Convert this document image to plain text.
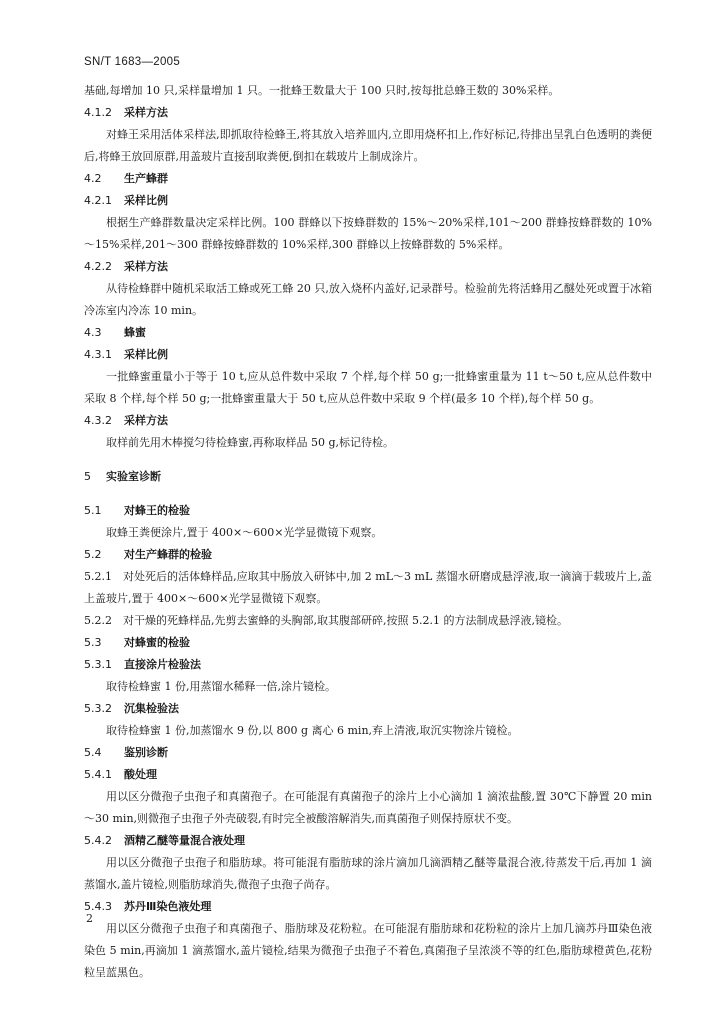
SN/T 1683—2005

基础,每增加 10 只,采样量增加 1 只。一批蜂王数量大于 100 只时,按每批总蜂王数的 30%采样。

4.1.2 采样方法

对蜂王采用活体采样法,即抓取待检蜂王,将其放入培养皿内,立即用烧杯扣上,作好标记,待排出呈乳白色透明的粪便后,将蜂王放回原群,用盖玻片直接刮取粪便,倒扣在载玻片上制成涂片。

4.2 生产蜂群
4.2.1 采样比例

根据生产蜂群数量决定采样比例。100 群蜂以下按蜂群数的 15%～20%采样,101～200 群蜂按蜂群数的 10%～15%采样,201～300 群蜂按蜂群数的 10%采样,300 群蜂以上按蜂群数的 5%采样。

4.2.2 采样方法

从待检蜂群中随机采取活工蜂或死工蜂 20 只,放入烧杯内盖好,记录群号。检验前先将活蜂用乙醚处死或置于冰箱冷冻室内冷冻 10 min。

4.3 蜂蜜
4.3.1 采样比例

一批蜂蜜重量小于等于 10 t,应从总件数中采取 7 个样,每个样 50 g;一批蜂蜜重量为 11 t～50 t,应从总件数中采取 8 个样,每个样 50 g;一批蜂蜜重量大于 50 t,应从总件数中采取 9 个样(最多 10 个样),每个样 50 g。

4.3.2 采样方法

取样前先用木棒搅匀待检蜂蜜,再称取样品 50 g,标记待检。

5 实验室诊断
5.1 对蜂王的检验

取蜂王粪便涂片,置于 400×～600×光学显微镜下观察。

5.2 对生产蜂群的检验

5.2.1　对处死后的活体蜂样品,应取其中肠放入研钵中,加 2 mL～3 mL 蒸馏水研磨成悬浮液,取一滴滴于载玻片上,盖上盖玻片,置于 400×～600×光学显微镜下观察。

5.2.2　对干燥的死蜂样品,先剪去蜜蜂的头胸部,取其腹部研碎,按照 5.2.1 的方法制成悬浮液,镜检。

5.3 对蜂蜜的检验
5.3.1 直接涂片检验法

取待检蜂蜜 1 份,用蒸馏水稀释一倍,涂片镜检。

5.3.2 沉集检验法

取待检蜂蜜 1 份,加蒸馏水 9 份,以 800 g 离心 6 min,弃上清液,取沉实物涂片镜检。

5.4 鉴别诊断
5.4.1 酸处理

用以区分微孢子虫孢子和真菌孢子。在可能混有真菌孢子的涂片上小心滴加 1 滴浓盐酸,置 30℃下静置 20 min～30 min,则微孢子虫孢子外壳破裂,有时完全被酸溶解消失,而真菌孢子则保持原状不变。

5.4.2 酒精乙醚等量混合液处理

用以区分微孢子虫孢子和脂肪球。将可能混有脂肪球的涂片滴加几滴酒精乙醚等量混合液,待蒸发干后,再加 1 滴蒸馏水,盖片镜检,则脂肪球消失,微孢子虫孢子尚存。

5.4.3 苏丹Ⅲ染色液处理

用以区分微孢子虫孢子和真菌孢子、脂肪球及花粉粒。在可能混有脂肪球和花粉粒的涂片上加几滴苏丹Ⅲ染色液染色 5 min,再滴加 1 滴蒸馏水,盖片镜检,结果为微孢子虫孢子不着色,真菌孢子呈浓淡不等的红色,脂肪球橙黄色,花粉粒呈蓝黑色。

2
